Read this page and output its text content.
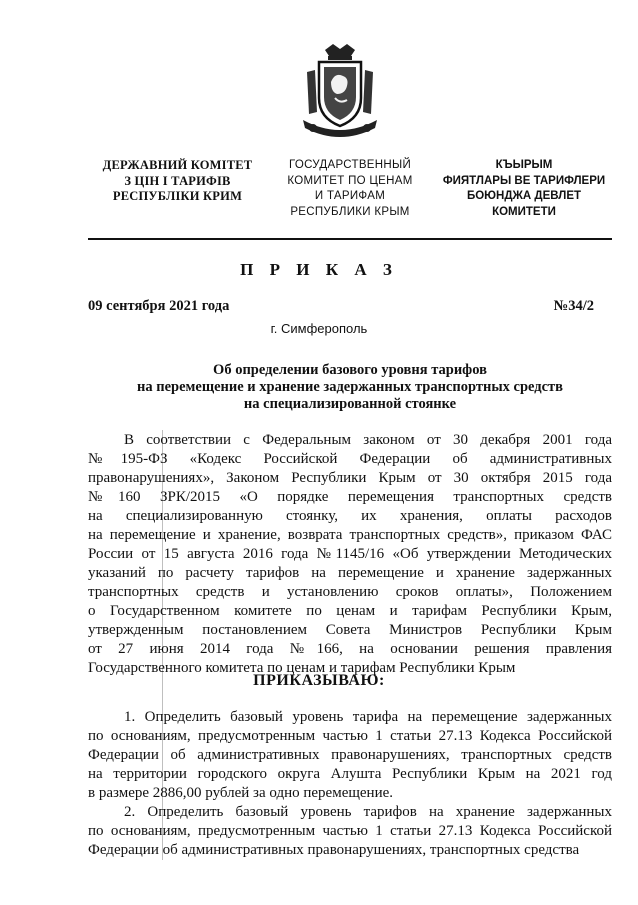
ДЕРЖАВНИЙ КОМІТЕТ
З ЦІН І ТАРИФІВ
РЕСПУБЛІКИ КРИМ
ГОСУДАРСТВЕННЫЙ
КОМИТЕТ ПО ЦЕНАМ
И ТАРИФАМ
РЕСПУБЛИКИ КРЫМ
КЪЫРЫМ
ФИЯТЛАРЫ ВЕ ТАРИФЛЕРИ
БОЮНДЖА ДЕВЛЕТ
КОМИТЕТИ
П Р И К А З
09 сентября 2021 года	№34/2
г. Симферополь
Об определении базового уровня тарифов
на перемещение и хранение задержанных транспортных средств
на специализированной стоянке
В соответствии с Федеральным законом от 30 декабря 2001 года
№195-ФЗ «Кодекс Российской Федерации об административных
правонарушениях», Законом Республики Крым от 30 октября 2015 года
№160 ЗРК/2015 «О порядке перемещения транспортных средств
на специализированную стоянку, их хранения, оплаты расходов
на перемещение и хранение, возврата транспортных средств», приказом ФАС
России от 15 августа 2016 года №1145/16 «Об утверждении Методических
указаний по расчету тарифов на перемещение и хранение задержанных
транспортных средств и установлению сроков оплаты», Положением
о Государственном комитете по ценам и тарифам Республики Крым,
утвержденным постановлением Совета Министров Республики Крым
от 27 июня 2014 года №166, на основании решения правления
Государственного комитета по ценам и тарифам Республики Крым
ПРИКАЗЫВАЮ:
1. Определить базовый уровень тарифа на перемещение задержанных
по основаниям, предусмотренным частью 1 статьи 27.13 Кодекса Российской
Федерации об административных правонарушениях, транспортных средств
на территории городского округа Алушта Республики Крым на 2021 год
в размере 2886,00 рублей за одно перемещение.
2. Определить базовый уровень тарифов на хранение задержанных
по основаниям, предусмотренным частью 1 статьи 27.13 Кодекса Российской
Федерации об административных правонарушениях, транспортных средства
